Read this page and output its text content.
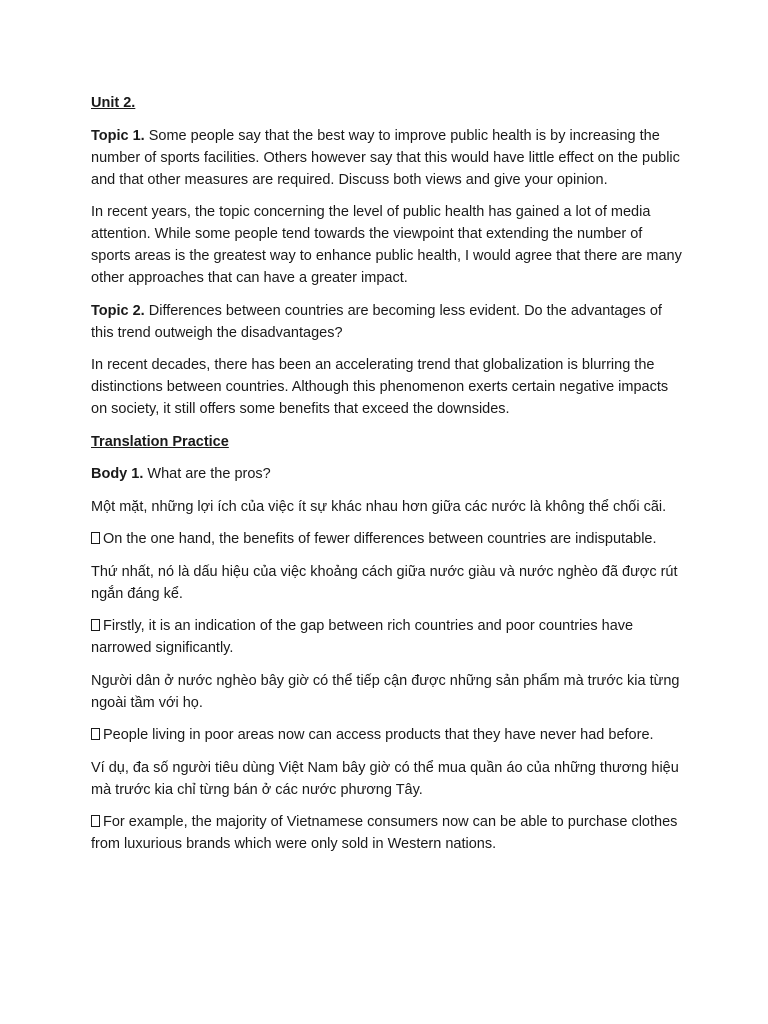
Unit 2.

Topic 1. Some people say that the best way to improve public health is by increasing the number of sports facilities. Others however say that this would have little effect on the public and that other measures are required. Discuss both views and give your opinion.

In recent years, the topic concerning the level of public health has gained a lot of media attention. While some people tend towards the viewpoint that extending the number of sports areas is the greatest way to enhance public health, I would agree that there are many other approaches that can have a greater impact.

Topic 2. Differences between countries are becoming less evident. Do the advantages of this trend outweigh the disadvantages?

In recent decades, there has been an accelerating trend that globalization is blurring the distinctions between countries. Although this phenomenon exerts certain negative impacts on society, it still offers some benefits that exceed the downsides.

Translation Practice

Body 1. What are the pros?

Một mặt, những lợi ích của việc ít sự khác nhau hơn giữa các nước là không thể chối cãi.

On the one hand, the benefits of fewer differences between countries are indisputable.

Thứ nhất, nó là dấu hiệu của việc khoảng cách giữa nước giàu và nước nghèo đã được rút ngắn đáng kể.

Firstly, it is an indication of the gap between rich countries and poor countries have narrowed significantly.

Người dân ở nước nghèo bây giờ có thể tiếp cận được những sản phẩm mà trước kia từng ngoài tầm với họ.

People living in poor areas now can access products that they have never had before.

Ví dụ, đa số người tiêu dùng Việt Nam bây giờ có thể mua quần áo của những thương hiệu mà trước kia chỉ từng bán ở các nước phương Tây.

For example, the majority of Vietnamese consumers now can be able to purchase clothes from luxurious brands which were only sold in Western nations.
